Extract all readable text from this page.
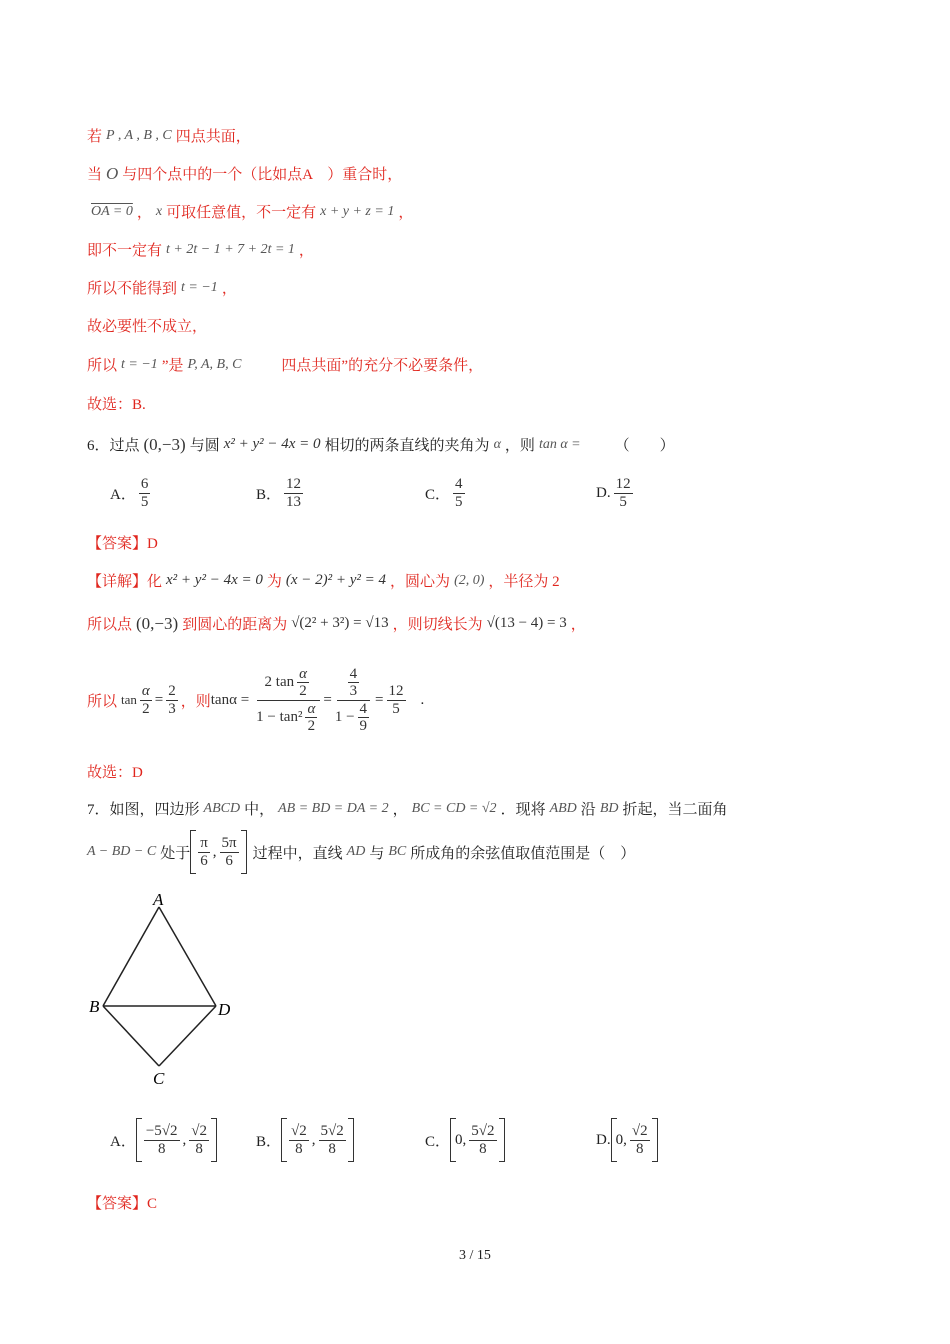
若 P , A , B , C 四点共面，
当 O 与四个点中的一个（比如点A　）重合时，
OA = 0 ， x 可取任意值，不一定有 x + y + z = 1 ，
即不一定有 t + 2t − 1 + 7 + 2t = 1 ，
所以不能得到 t = −1 ，
故必要性不成立，
所以 t = −1 ”是 P, A, B, C	四点共面”的充分不必要条件，
故选：B.
6．过点 (0,−3) 与圆 x² + y² − 4x = 0 相切的两条直线的夹角为 α ，则 tan α = （　　）
A． $\frac{6}{5}$	B． $\frac{12}{13}$	C． $\frac{4}{5}$	D. $\frac{12}{5}$
【答案】D
【详解】化 x² + y² − 4x = 0 为 (x − 2)² + y² = 4 ，圆心为 (2, 0) ，半径为 2
所以点 (0,−3) 到圆心的距离为 √(2² + 3²) = √13 ，则切线长为 √(13 − 4) = 3 ，
所以 $\tan \frac{\alpha}{2} = \frac{2}{3}$ ，则 $\tan\alpha = \frac{2 \tan \frac{\alpha}{2}}{1 - \tan^2 \frac{\alpha}{2}} = \frac{\frac{4}{3}}{1 - \frac{4}{9}} = \frac{12}{5}$ .
故选：D
7．如图，四边形 ABCD 中， AB = BD = DA = 2 ， BC = CD = √2 ．现将 ABD 沿 BD 折起，当二面角
A − BD − C 处于 $\frac{\pi}{6}$ , $\frac{5\pi}{6}$ 过程中，直线 AD 与 BC 所成角的余弦值取值范围是（　）
A
B	D
C
A． $\frac{-5√2}{8}$ , $\frac{√2}{8}$	B． $\frac{√2}{8}$ , $\frac{5√2}{8}$	C． 0 , $\frac{5√2}{8}$	D. 0 , $\frac{√2}{8}$
【答案】C
3 / 15
